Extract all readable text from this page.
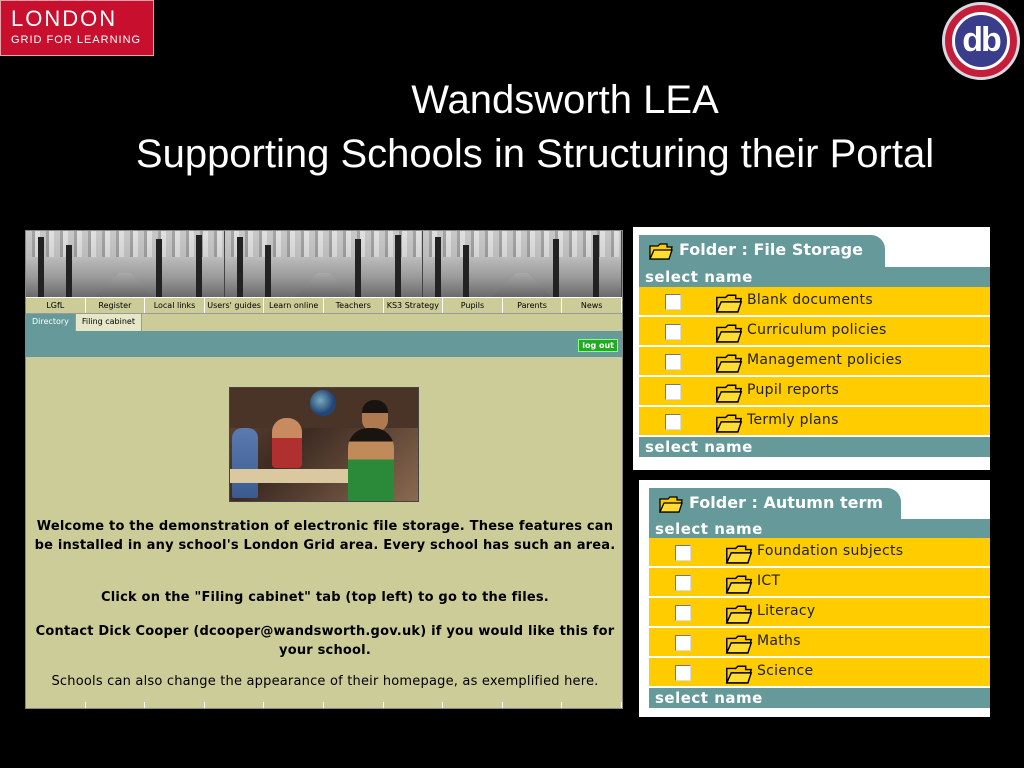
LONDON
GRID FOR LEARNING	db
Wandsworth LEA
Supporting Schools in Structuring their Portal
LGfL	Register	Local links	Users' guides	Learn online	Teachers	KS3 Strategy	Pupils	Parents	News
Directory	Filing cabinet
log out
Welcome to the demonstration of electronic file storage. These features can be installed in any school's London Grid area. Every school has such an area.
Click on the "Filing cabinet" tab (top left) to go to the files.
Contact Dick Cooper (dcooper@wandsworth.gov.uk) if you would like this for your school.
Schools can also change the appearance of their homepage, as exemplified here.
Folder : File Storage
select name
Blank documents
Curriculum policies
Management policies
Pupil reports
Termly plans
select name
Folder : Autumn term
select name
Foundation subjects
ICT
Literacy
Maths
Science
select name
